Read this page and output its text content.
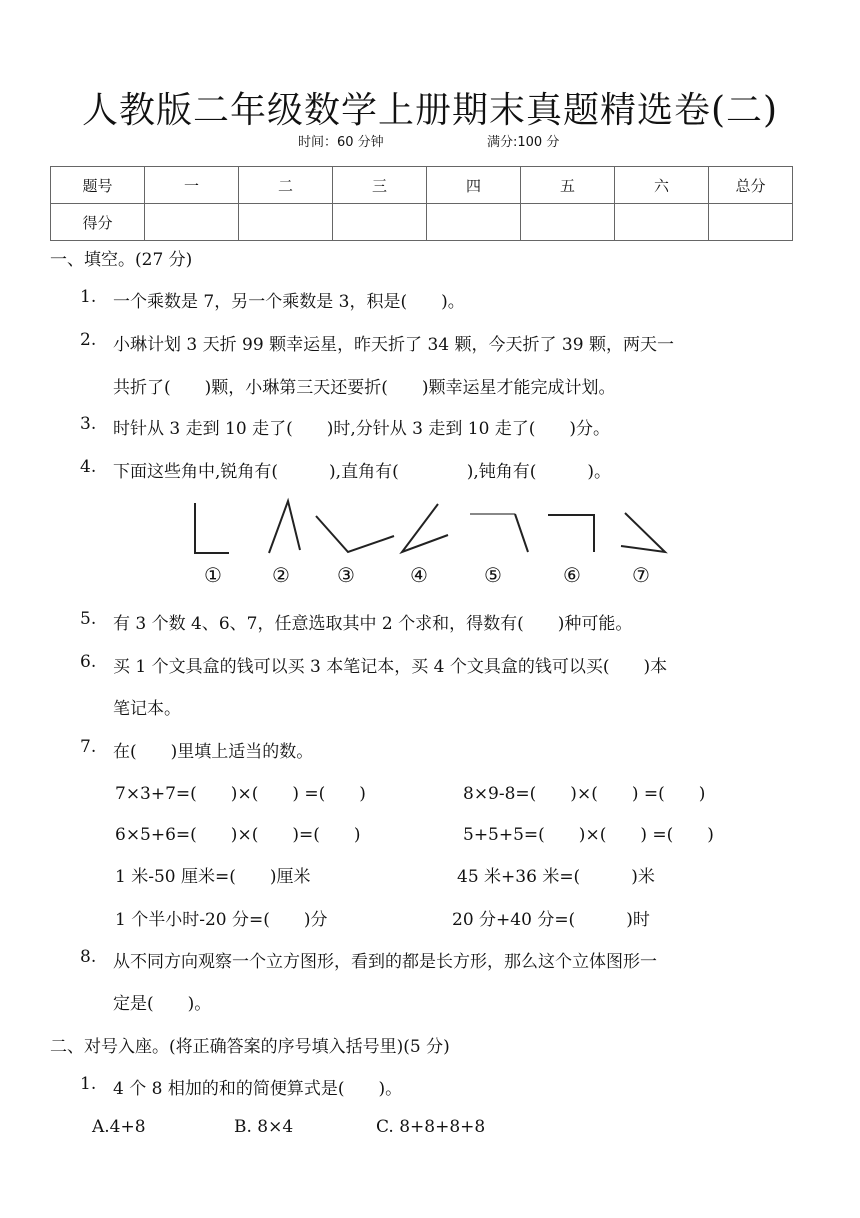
人教版二年级数学上册期末真题精选卷(二)
时间：60 分钟	满分:100 分
题号	一	二	三	四	五	六	总分
得分							
一、填空。(27 分)
1. 一个乘数是 7，另一个乘数是 3，积是(　　)。
2. 小琳计划 3 天折 99 颗幸运星，昨天折了 34 颗，今天折了 39 颗，两天一
共折了(　　)颗，小琳第三天还要折(　　)颗幸运星才能完成计划。
3. 时针从 3 走到 10 走了(　　)时,分针从 3 走到 10 走了(　　)分。
4. 下面这些角中,锐角有(　　　),直角有(　　　　),钝角有(　　　)。
①	② ③	④	⑤	⑥	⑦
5. 有 3 个数 4、6、7，任意选取其中 2 个求和，得数有(　　)种可能。
6. 买 1 个文具盒的钱可以买 3 本笔记本，买 4 个文具盒的钱可以买(　　)本
笔记本。
7. 在(　　)里填上适当的数。
7×3+7=(　　)×(　　) =(　　)	8×9-8=(　　)×(　　) =(　　)
6×5+6=(　　)×(　　)=(　　)	5+5+5=(　　)×(　　) =(　　)
1 米-50 厘米=(　　)厘米	45 米+36 米=(　　　)米
1 个半小时-20 分=(　　)分	20 分+40 分=(　　　)时
8. 从不同方向观察一个立方图形，看到的都是长方形，那么这个立体图形一
定是(　　)。
二、对号入座。(将正确答案的序号填入括号里)(5 分)
1. 4 个 8 相加的和的简便算式是(　　)。
A.4+8	B. 8×4	C. 8+8+8+8
